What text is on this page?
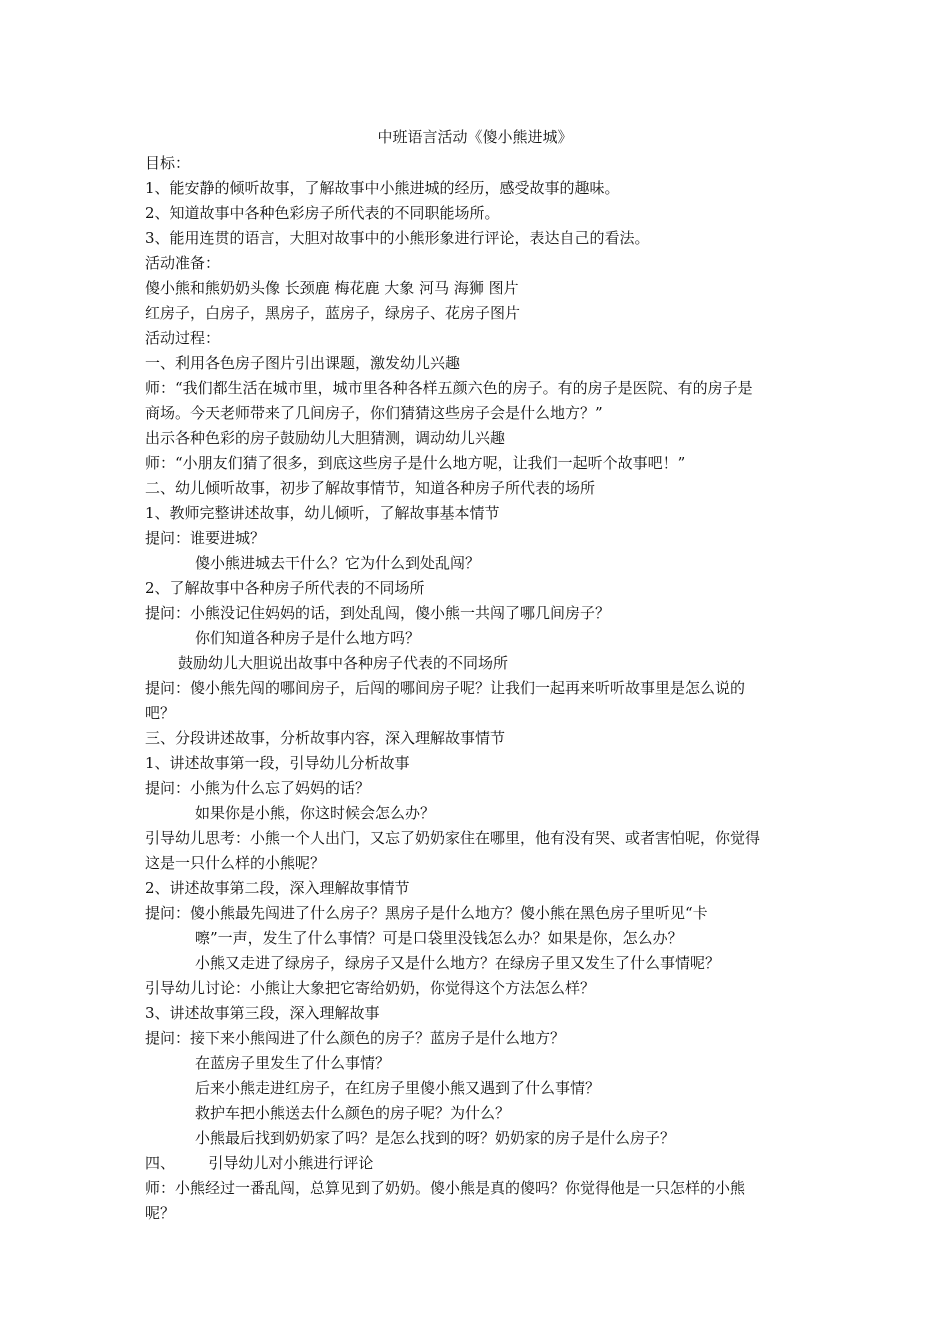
中班语言活动《傻小熊进城》
目标：
1、能安静的倾听故事，了解故事中小熊进城的经历，感受故事的趣味。
2、知道故事中各种色彩房子所代表的不同职能场所。
3、能用连贯的语言，大胆对故事中的小熊形象进行评论，表达自己的看法。
活动准备：
傻小熊和熊奶奶头像 长颈鹿 梅花鹿 大象 河马 海狮 图片
红房子，白房子，黑房子，蓝房子，绿房子、花房子图片
活动过程：
一、利用各色房子图片引出课题，激发幼儿兴趣
师：“我们都生活在城市里，城市里各种各样五颜六色的房子。有的房子是医院、有的房子是
商场。今天老师带来了几间房子，你们猜猜这些房子会是什么地方？”
出示各种色彩的房子鼓励幼儿大胆猜测，调动幼儿兴趣
师：“小朋友们猜了很多，到底这些房子是什么地方呢，让我们一起听个故事吧！”
二、幼儿倾听故事，初步了解故事情节，知道各种房子所代表的场所
1、教师完整讲述故事，幼儿倾听，了解故事基本情节
提问：谁要进城？
傻小熊进城去干什么？它为什么到处乱闯？
2、了解故事中各种房子所代表的不同场所
提问：小熊没记住妈妈的话，到处乱闯，傻小熊一共闯了哪几间房子？
你们知道各种房子是什么地方吗？
鼓励幼儿大胆说出故事中各种房子代表的不同场所
提问：傻小熊先闯的哪间房子，后闯的哪间房子呢？让我们一起再来听听故事里是怎么说的
吧？
三、分段讲述故事，分析故事内容，深入理解故事情节
1、讲述故事第一段，引导幼儿分析故事
提问：小熊为什么忘了妈妈的话？
如果你是小熊，你这时候会怎么办？
引导幼儿思考：小熊一个人出门，又忘了奶奶家住在哪里，他有没有哭、或者害怕呢，你觉得
这是一只什么样的小熊呢？
2、讲述故事第二段，深入理解故事情节
提问：傻小熊最先闯进了什么房子？黑房子是什么地方？傻小熊在黑色房子里听见“卡
嚓”一声，发生了什么事情？可是口袋里没钱怎么办？如果是你，怎么办？
小熊又走进了绿房子，绿房子又是什么地方？在绿房子里又发生了什么事情呢？
引导幼儿讨论：小熊让大象把它寄给奶奶，你觉得这个方法怎么样？
3、讲述故事第三段，深入理解故事
提问：接下来小熊闯进了什么颜色的房子？蓝房子是什么地方？
在蓝房子里发生了什么事情？
后来小熊走进红房子，在红房子里傻小熊又遇到了什么事情？
救护车把小熊送去什么颜色的房子呢？为什么？
小熊最后找到奶奶家了吗？是怎么找到的呀？奶奶家的房子是什么房子？
四、       引导幼儿对小熊进行评论
师：小熊经过一番乱闯，总算见到了奶奶。傻小熊是真的傻吗？你觉得他是一只怎样的小熊
呢？
